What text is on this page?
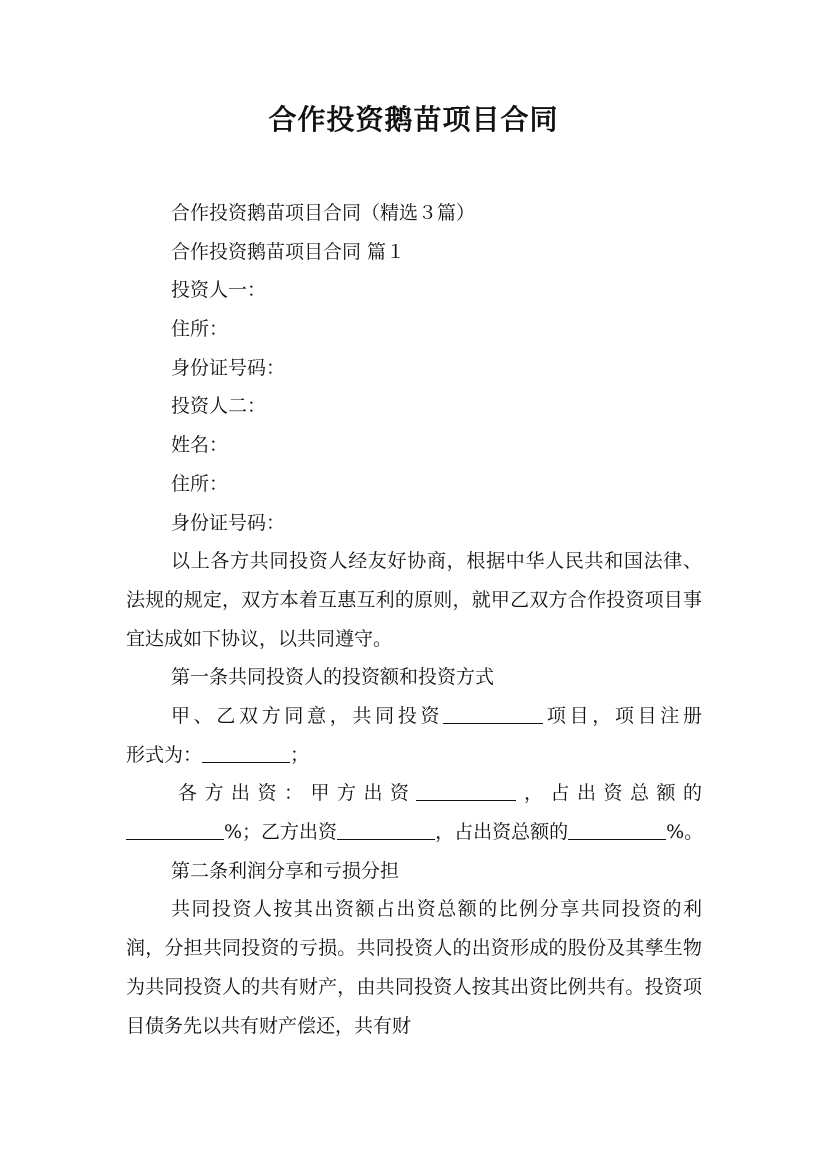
合作投资鹅苗项目合同
合作投资鹅苗项目合同（精选３篇）
合作投资鹅苗项目合同 篇１
投资人一：
住所：
身份证号码：
投资人二：
姓名：
住所：
身份证号码：
以上各方共同投资人经友好协商，根据中华人民共和国法律、法规的规定，双方本着互惠互利的原则，就甲乙双方合作投资项目事宜达成如下协议，以共同遵守。
第一条共同投资人的投资额和投资方式
甲、乙双方同意，共同投资	项目，项目注册
形式为：	；
各方出资：甲方出资	，占出资总额的
%；乙方出资	，占出资总额的	%。
第二条利润分享和亏损分担
共同投资人按其出资额占出资总额的比例分享共同投资的利润，分担共同投资的亏损。共同投资人的出资形成的股份及其孳生物为共同投资人的共有财产，由共同投资人按其出资比例共有。投资项目债务先以共有财产偿还，共有财
